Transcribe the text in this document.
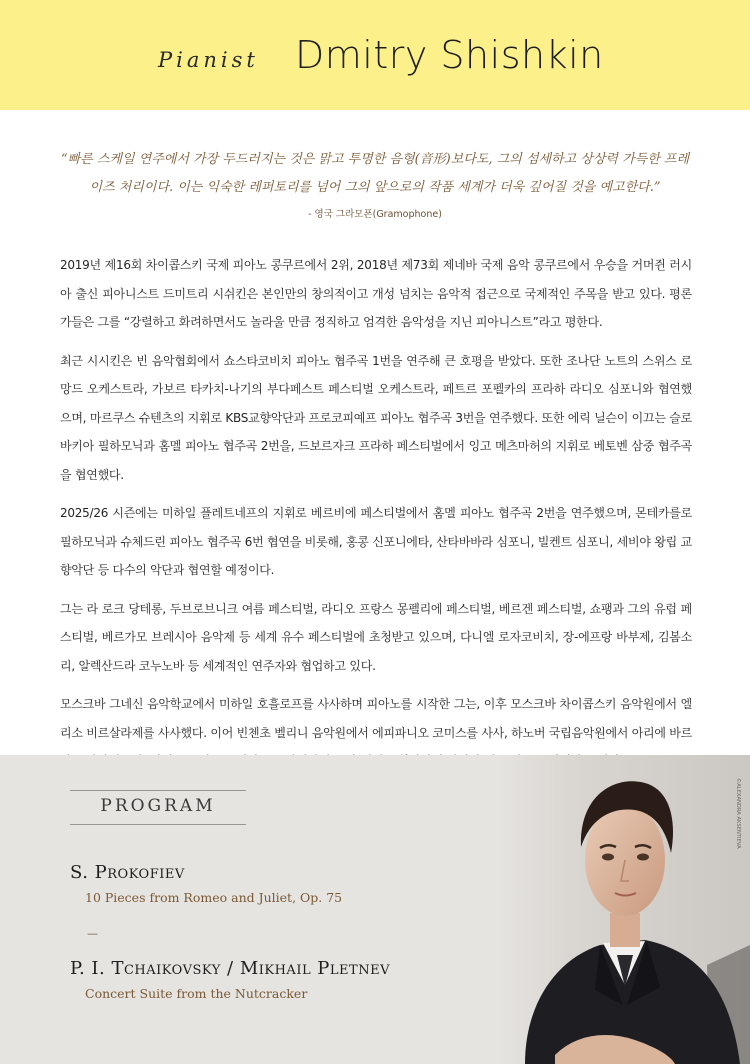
Pianist Dmitry Shishkin
“빠른 스케일 연주에서 가장 두드러지는 것은 맑고 투명한 음형(音形)보다도, 그의 섬세하고 상상력 가득한 프레이즈 처리이다. 이는 익숙한 레퍼토리를 넘어 그의 앞으로의 작품 세계가 더욱 깊어질 것을 예고한다.”
- 영국 그라모폰(Gramophone)

2019년 제16회 차이콥스키 국제 피아노 콩쿠르에서 2위, 2018년 제73회 제네바 국제 음악 콩쿠르에서 우승을 거머쥔 러시아 출신 피아니스트 드미트리 시쉬킨은 본인만의 창의적이고 개성 넘치는 음악적 접근으로 국제적인 주목을 받고 있다. 평론가들은 그를 “강렬하고 화려하면서도 놀라울 만큼 정직하고 엄격한 음악성을 지닌 피아니스트”라고 평한다.

최근 시시킨은 빈 음악협회에서 쇼스타코비치 피아노 협주곡 1번을 연주해 큰 호평을 받았다. 또한 조나단 노트의 스위스 로망드 오케스트라, 가보르 타카치-나기의 부다페스트 페스티벌 오케스트라, 페트르 포펠카의 프라하 라디오 심포니와 협연했으며, 마르쿠스 슈텐츠의 지휘로 KBS교향악단과 프로코피예프 피아노 협주곡 3번을 연주했다. 또한 에릭 닐슨이 이끄는 슬로바키아 필하모닉과 홈멜 피아노 협주곡 2번을, 드보르자크 프라하 페스티벌에서 잉고 메츠마허의 지휘로 베토벤 삼중 협주곡을 협연했다.

2025/26 시즌에는 미하일 플레트네프의 지휘로 베르비에 페스티벌에서 홈멜 피아노 협주곡 2번을 연주했으며, 몬테카를로 필하모닉과 슈체드린 피아노 협주곡 6번 협연을 비롯해, 홍콩 신포니에타, 산타바바라 심포니, 빌켄트 심포니, 세비야 왕립 교향악단 등 다수의 악단과 협연할 예정이다.

그는 라 로크 당테롱, 두브로브니크 여름 페스티벌, 라디오 프랑스 몽펠리에 페스티벌, 베르겐 페스티벌, 쇼팽과 그의 유럽 페스티벌, 베르가모 브레시아 음악제 등 세계 유수 페스티벌에 초청받고 있으며, 다니엘 로자코비치, 장-에프랑 바부제, 김봄소리, 알렉산드라 코누노바 등 세계적인 연주자와 협업하고 있다.

모스크바 그네신 음악학교에서 미하일 호흘로프를 사사하며 피아노를 시작한 그는, 이후 모스크바 차이콥스키 음악원에서 엘리소 비르살라제를 사사했다. 이어 빈첸초 벨리니 음악원에서 에피파니오 코미스를 사사, 하노버 국립음악원에서 아리에 바르

©ALEXANDRA AKSENTIEVA
PROGRAM
S. Prokofiev
10 Pieces from Romeo and Juliet, Op. 75
—
P. I. Tchaikovsky / Mikhail Pletnev
Concert Suite from the Nutcracker
